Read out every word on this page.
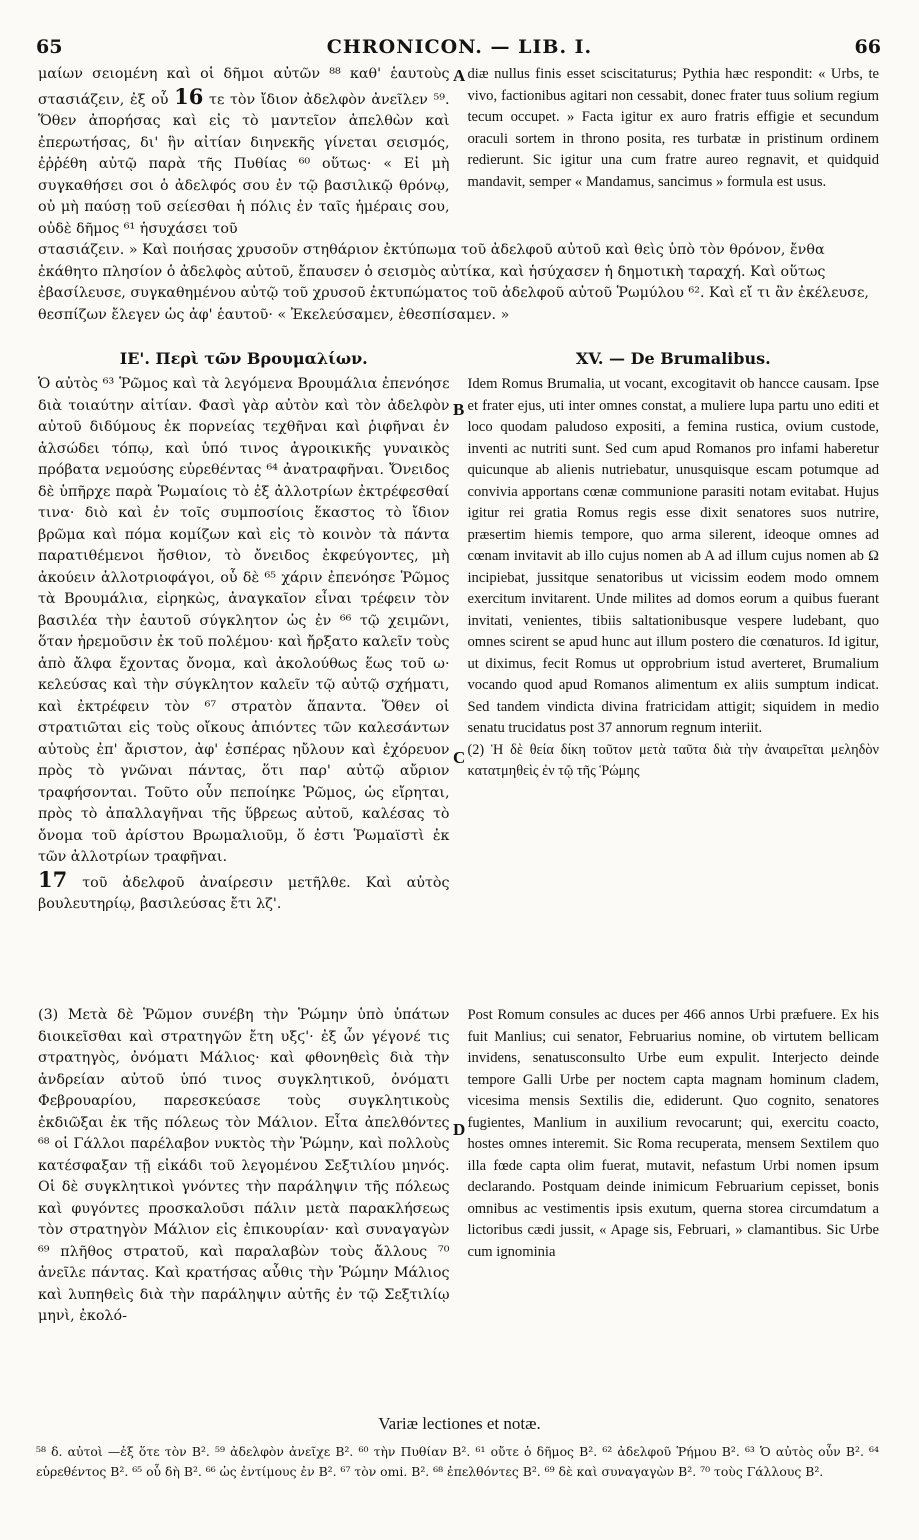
65	CHRONICON. — LIB. I.	66
μαίων σειομένη καὶ οἱ δῆμοι αὐτῶν ⁸⁸ καθ' ἑαυτοὺς στασιάζειν, ἐξ οὗ 16 τε τὸν ἴδιον ἀδελφὸν ἀνεῖλεν ⁵⁹. Ὅθεν ἀπορήσας καὶ εἰς τὸ μαντεῖον ἀπελθὼν καὶ ἐπερωτήσας, δι' ἣν αἰτίαν διηνεκῆς γίνεται σεισμός, ἐῤῥέθη αὐτῷ παρὰ τῆς Πυθίας ⁶⁰ οὕτως· « Εἰ μὴ συγκαθήσει σοι ὁ ἀδελφός σου ἐν τῷ βασιλικῷ θρόνῳ, οὐ μὴ παύσῃ τοῦ σείεσθαι ἡ πόλις ἐν ταῖς ἡμέραις σου, οὐδὲ δῆμος ⁶¹ ἡσυχάσει τοῦ
diæ nullus finis esset sciscitaturus; Pythia hæc respondit: « Urbs, te vivo, factionibus agitari non cessabit, donec frater tuus solium regium tecum occupet. » Facta igitur ex auro fratris effigie et secundum oraculi sortem in throno posita, res turbatæ in pristinum ordinem redierunt. Sic igitur una cum fratre aureo regnavit, et quidquid mandavit, semper « Mandamus, sancimus » formula est usus.

στασιάζειν. » Καὶ ποιήσας χρυσοῦν στηθάριον ἐκτύπωμα τοῦ ἀδελφοῦ αὐτοῦ καὶ θεὶς ὑπὸ τὸν θρόνον, ἔνθα ἐκάθητο πλησίον ὁ ἀδελφὸς αὐτοῦ, ἔπαυσεν ὁ σεισμὸς αὐτίκα, καὶ ἡσύχασεν ἡ δημοτικὴ ταραχή. Καὶ οὕτως ἐβασίλευσε, συγκαθημένου αὐτῷ τοῦ χρυσοῦ ἐκτυπώματος τοῦ ἀδελφοῦ αὐτοῦ Ῥωμύλου ⁶². Καὶ εἴ τι ἂν ἐκέλευσε, θεσπίζων ἔλεγεν ὡς ἀφ' ἑαυτοῦ· « Ἐκελεύσαμεν, ἐθεσπίσαμεν. »

ΙΕ'. Περὶ τῶν Βρουμαλίων.	XV. — De Brumalibus.

Ὁ αὐτὸς ⁶³ Ῥῶμος καὶ τὰ λεγόμενα Βρουμάλια ἐπενόησε διὰ τοιαύτην αἰτίαν. Φασὶ γὰρ αὐτὸν καὶ τὸν ἀδελφὸν αὐτοῦ διδύμους ἐκ πορνείας τεχθῆναι καὶ ῥιφῆναι ἐν ἀλσώδει τόπῳ, καὶ ὑπό τινος ἀγροικικῆς γυναικὸς πρόβατα νεμούσης εὑρεθέντας ⁶⁴ ἀνατραφῆναι. Ὄνειδος δὲ ὑπῆρχε παρὰ Ῥωμαίοις τὸ ἐξ ἀλλοτρίων ἐκτρέφεσθαί τινα· διὸ καὶ ἐν τοῖς συμποσίοις ἕκαστος τὸ ἴδιον βρῶμα καὶ πόμα κομίζων καὶ εἰς τὸ κοινὸν τὰ πάντα παρατιθέμενοι ἤσθιον, τὸ ὄνειδος ἐκφεύγοντες, μὴ ἀκούειν ἀλλοτριοφάγοι, οὗ δὲ ⁶⁵ χάριν ἐπενόησε Ῥῶμος τὰ Βρουμάλια, εἰρηκὼς, ἀναγκαῖον εἶναι τρέφειν τὸν βασιλέα τὴν ἑαυτοῦ σύγκλητον ὡς ἐν ⁶⁶ τῷ χειμῶνι, ὅταν ἠρεμοῦσιν ἐκ τοῦ πολέμου· καὶ ἤρξατο καλεῖν τοὺς ἀπὸ ἄλφα ἔχοντας ὄνομα, καὶ ἀκολούθως ἕως τοῦ ω· κελεύσας καὶ τὴν σύγκλητον καλεῖν τῷ αὐτῷ σχήματι, καὶ ἐκτρέφειν τὸν ⁶⁷ στρατὸν ἅπαντα. Ὅθεν οἱ στρατιῶται εἰς τοὺς οἴκους ἀπιόντες τῶν καλεσάντων αὐτοὺς ἐπ' ἄριστον, ἀφ' ἑσπέρας ηὔλουν καὶ ἐχόρευον πρὸς τὸ γνῶναι πάντας, ὅτι παρ' αὐτῷ αὔριον τραφήσονται. Τοῦτο οὖν πεποίηκε Ῥῶμος, ὡς εἴρηται, πρὸς τὸ ἀπαλλαγῆναι τῆς ὕβρεως αὐτοῦ, καλέσας τὸ ὄνομα τοῦ ἀρίστου Βρωμαλιοῦμ, ὅ ἐστι Ῥωμαϊστὶ ἐκ τῶν ἀλλοτρίων τραφῆναι.

17 τοῦ ἀδελφοῦ ἀναίρεσιν μετῆλθε. Καὶ αὐτὸς βουλευτηρίῳ, βασιλεύσας ἔτι λζ'.

Idem Romus Brumalia, ut vocant, excogitavit ob hancce causam. Ipse et frater ejus, uti inter omnes constat, a muliere lupa partu uno editi et loco quodam paludoso expositi, a femina rustica, ovium custode, inventi ac nutriti sunt. Sed cum apud Romanos pro infami haberetur quicunque ab alienis nutriebatur, unusquisque escam potumque ad convivia apportans cœnæ communione parasiti notam evitabat. Hujus igitur rei gratia Romus regis esse dixit senatores suos nutrire, præsertim hiemis tempore, quo arma silerent, ideoque omnes ad cœnam invitavit ab illo cujus nomen ab A ad illum cujus nomen ab Ω incipiebat, jussitque senatoribus ut vicissim eodem modo omnem exercitum invitarent. Unde milites ad domos eorum a quibus fuerant invitati, venientes, tibiis saltationibusque vespere ludebant, quo omnes scirent se apud hunc aut illum postero die cœnaturos. Id igitur, ut diximus, fecit Romus ut opprobrium istud averteret, Brumalium vocando quod apud Romanos alimentum ex aliis sumptum indicat. Sed tandem vindicta divina fratricidam attigit; siquidem in medio senatu trucidatus post 37 annorum regnum interiit.

(2) Ἡ δὲ θεία δίκη τοῦτον μετὰ ταῦτα διὰ τὴν ἀναιρεῖται μεληδὸν κατατμηθεὶς ἐν τῷ τῆς Ῥώμης

(3) Μετὰ δὲ Ῥῶμον συνέβη τὴν Ῥώμην ὑπὸ ὑπάτων διοικεῖσθαι καὶ στρατηγῶν ἔτη υξϛ'· ἐξ ὧν γέγονέ τις στρατηγὸς, ὀνόματι Μάλιος· καὶ φθονηθεὶς διὰ τὴν ἀνδρείαν αὐτοῦ ὑπό τινος συγκλητικοῦ, ὀνόματι Φεβρουαρίου, παρεσκεύασε τοὺς συγκλητικοὺς ἐκδιῶξαι ἐκ τῆς πόλεως τὸν Μάλιον. Εἶτα ἀπελθόντες ⁶⁸ οἱ Γάλλοι παρέλαβον νυκτὸς τὴν Ῥώμην, καὶ πολλοὺς κατέσφαξαν τῇ εἰκάδι τοῦ λεγομένου Σεξτιλίου μηνός. Οἱ δὲ συγκλητικοὶ γνόντες τὴν παράληψιν τῆς πόλεως καὶ φυγόντες προσκαλοῦσι πάλιν μετὰ παρακλήσεως τὸν στρατηγὸν Μάλιον εἰς ἐπικουρίαν· καὶ συναγαγὼν ⁶⁹ πλῆθος στρατοῦ, καὶ παραλαβὼν τοὺς ἄλλους ⁷⁰ ἀνεῖλε πάντας. Καὶ κρατήσας αὖθις τὴν Ῥώμην Μάλιος καὶ λυπηθεὶς διὰ τὴν παράληψιν αὐτῆς ἐν τῷ Σεξτιλίῳ μηνὶ, ἐκολό-
Post Romum consules ac duces per 466 annos Urbi præfuere. Ex his fuit Manlius; cui senator, Februarius nomine, ob virtutem bellicam invidens, senatusconsulto Urbe eum expulit. Interjecto deinde tempore Galli Urbe per noctem capta magnam hominum cladem, vicesima mensis Sextilis die, ediderunt. Quo cognito, senatores fugientes, Manlium in auxilium revocarunt; qui, exercitu coacto, hostes omnes interemit. Sic Roma recuperata, mensem Sextilem quo illa fœde capta olim fuerat, mutavit, nefastum Urbi nomen ipsum declarando. Postquam deinde inimicum Februarium cepisset, bonis omnibus ac vestimentis ipsis exutum, querna storea circumdatum a lictoribus cædi jussit, « Apage sis, Februari, » clamantibus. Sic Urbe cum ignominia
A
B
C
D
Variæ lectiones et notæ.
⁵⁸ δ. αὐτοὶ —ἐξ ὅτε τὸν B². ⁵⁹ ἀδελφὸν ἀνεῖχε B². ⁶⁰ τὴν Πυθίαν B². ⁶¹ οὔτε ὁ δῆμος B². ⁶² ἀδελφοῦ Ῥήμου B². ⁶³ Ὁ αὐτὸς οὖν B². ⁶⁴ εὑρεθέντος B². ⁶⁵ οὗ δὴ B². ⁶⁶ ὡς ἐντίμους ἐν B². ⁶⁷ τὸν omi. B². ⁶⁸ ἐπελθόντες B². ⁶⁹ δὲ καὶ συναγαγὼν B². ⁷⁰ τοὺς Γάλλους B².
